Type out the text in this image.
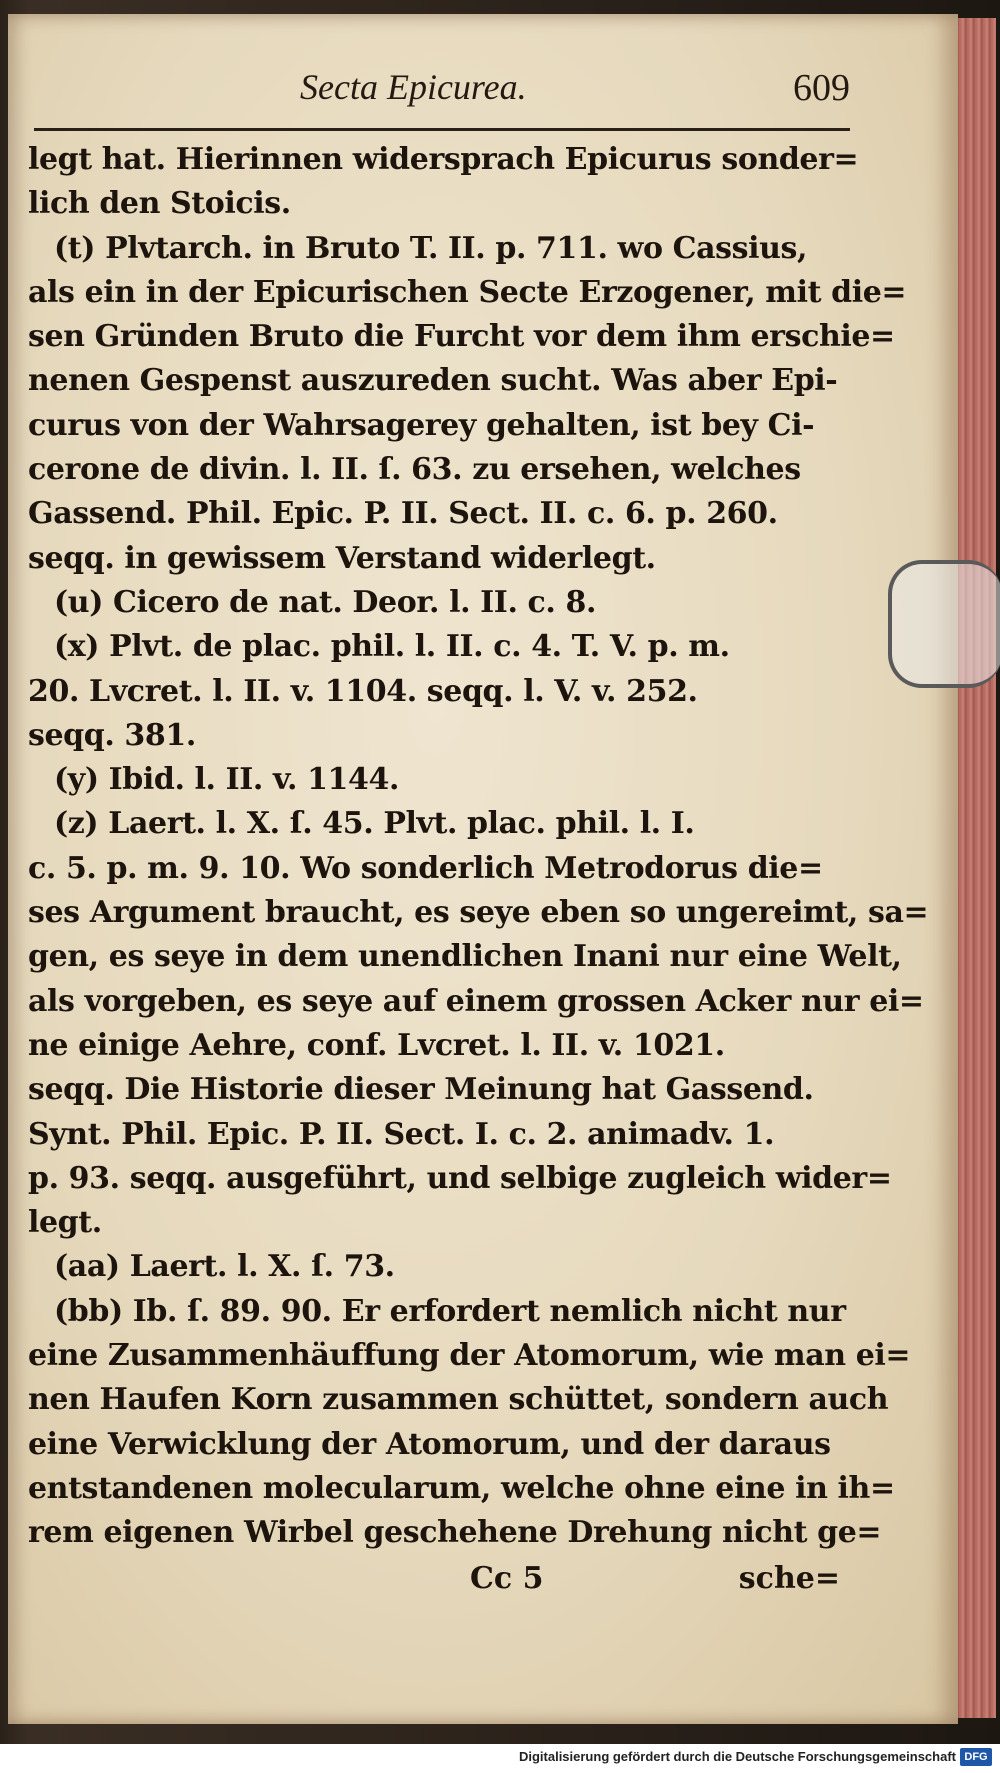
Secta Epicurea.	609
legt hat. Hierinnen widersprach Epicurus sonder=
lich den Stoicis.
(t) Plvtarch. in Bruto T. II. p. 711. wo Cassius,
als ein in der Epicurischen Secte Erzogener, mit die=
sen Gründen Bruto die Furcht vor dem ihm erschie=
nenen Gespenst auszureden sucht. Was aber Epi-
curus von der Wahrsagerey gehalten, ist bey Ci-
cerone de divin. l. II. ſ. 63. zu ersehen, welches
Gassend. Phil. Epic. P. II. Sect. II. c. 6. p. 260.
seqq. in gewissem Verstand widerlegt.
(u) Cicero de nat. Deor. l. II. c. 8.
(x) Plvt. de plac. phil. l. II. c. 4. T. V. p. m.
20. Lvcret. l. II. v. 1104. seqq. l. V. v. 252.
seqq. 381.
(y) Ibid. l. II. v. 1144.
(z) Laert. l. X. ſ. 45. Plvt. plac. phil. l. I.
c. 5. p. m. 9. 10. Wo sonderlich Metrodorus die=
ses Argument braucht, es seye eben so ungereimt, sa=
gen, es seye in dem unendlichen Inani nur eine Welt,
als vorgeben, es seye auf einem grossen Acker nur ei=
ne einige Aehre, conf. Lvcret. l. II. v. 1021.
seqq. Die Historie dieser Meinung hat Gassend.
Synt. Phil. Epic. P. II. Sect. I. c. 2. animadv. 1.
p. 93. seqq. ausgeführt, und selbige zugleich wider=
legt.
(aa) Laert. l. X. ſ. 73.
(bb) Ib. ſ. 89. 90. Er erfordert nemlich nicht nur
eine Zusammenhäuffung der Atomorum, wie man ei=
nen Haufen Korn zusammen schüttet, sondern auch
eine Verwicklung der Atomorum, und der daraus
entstandenen molecularum, welche ohne eine in ih=
rem eigenen Wirbel geschehene Drehung nicht ge=
Cc 5	sche=
Digitalisierung gefördert durch die Deutsche Forschungsgemeinschaft DFG
